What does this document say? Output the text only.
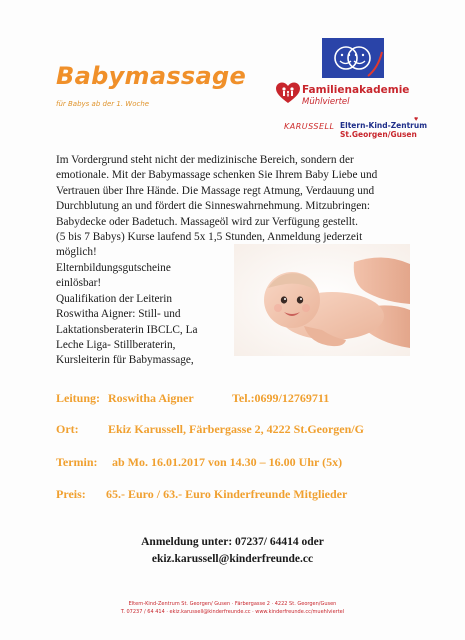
Babymassage
für Babys ab der 1. Woche
Familienakademie
Mühlviertel
KARUSSELL
♥
Eltern-Kind-Zentrum
St.Georgen/Gusen
Im Vordergrund steht nicht der medizinische Bereich, sondern der
emotionale. Mit der Babymassage schenken Sie Ihrem Baby Liebe und
Vertrauen über Ihre Hände. Die Massage regt Atmung, Verdauung und
Durchblutung an und fördert die Sinneswahrnehmung. Mitzubringen:
Babydecke oder Badetuch. Massageöl wird zur Verfügung gestellt.
(5 bis 7 Babys) Kurse laufend 5x 1,5 Stunden, Anmeldung jederzeit
möglich!
Elternbildungsgutscheine
einlösbar!
Qualifikation der Leiterin
Roswitha Aigner: Still- und
Laktationsberaterin IBCLC, La
Leche Liga- Stillberaterin,
Kursleiterin für Babymassage,
Leitung: Roswitha Aigner	Tel.:0699/12769711
Ort: Ekiz Karussell, Färbergasse 2, 4222 St.Georgen/G
Termin: ab Mo. 16.01.2017 von 14.30 – 16.00 Uhr (5x)
Preis: 65.- Euro / 63.- Euro Kinderfreunde Mitglieder
Anmeldung unter: 07237/ 64414 oder
ekiz.karussell@kinderfreunde.cc
Eltern-Kind-Zentrum St. Georgen/ Gusen · Färbergasse 2 · 4222 St. Georgen/Gusen
T. 07237 / 64 414 · ekiz.karussell@kinderfreunde.cc · www.kinderfreunde.cc/muehlviertel
